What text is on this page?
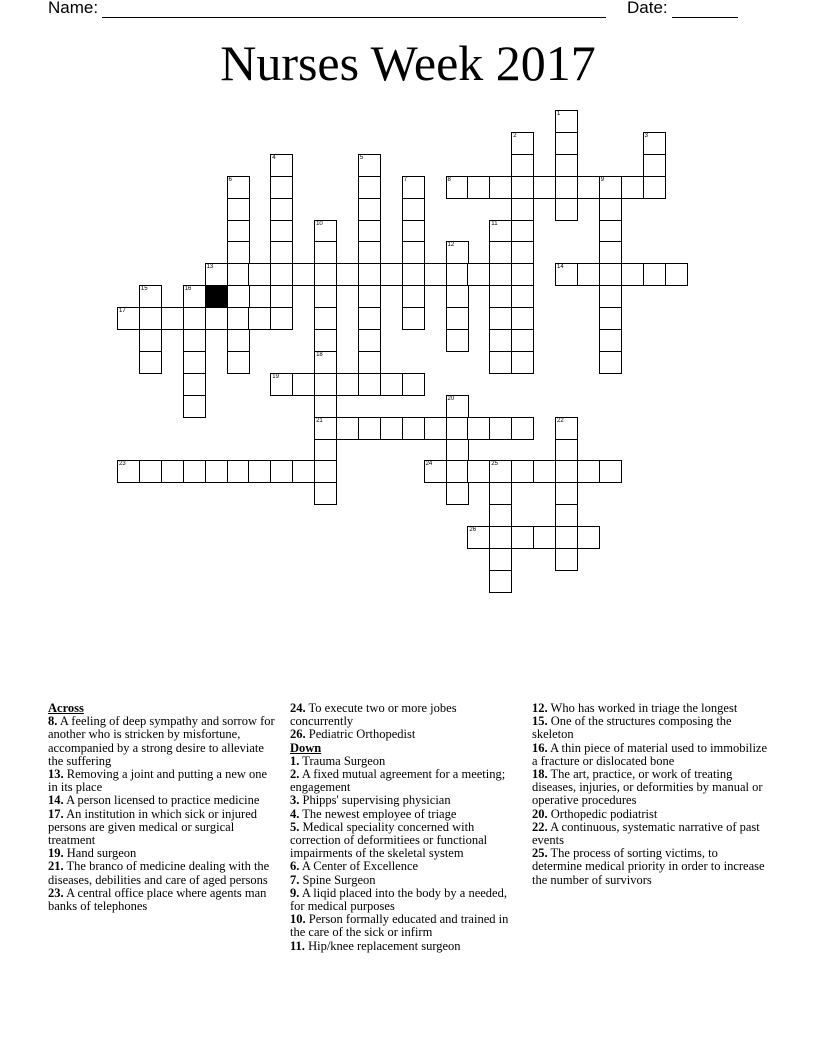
Name:	Date:
Nurses Week 2017
1
2	3
4	5
6	7	8	9
10	11
12
13	14
15	16
17
18
21
19
20
22
23	24	25
26
Across

8. A feeling of deep sympathy and sorrow for another who is stricken by misfortune, accompanied by a strong desire to alleviate the suffering

13. Removing a joint and putting a new one in its place

14. A person licensed to practice medicine

17. An institution in which sick or injured persons are given medical or surgical treatment

19. Hand surgeon

21. The branco of medicine dealing with the diseases, debilities and care of aged persons

23. A central office place where agents man banks of telephones

24. To execute two or more jobes concurrently

26. Pediatric Orthopedist

Down

1. Trauma Surgeon

2. A fixed mutual agreement for a meeting; engagement

3. Phipps' supervising physician

4. The newest employee of triage

5. Medical speciality concerned with correction of deformitiees or functional impairments of the skeletal system

6. A Center of Excellence

7. Spine Surgeon

9. A liqid placed into the body by a needed, for medical purposes

10. Person formally educated and trained in the care of the sick or infirm

11. Hip/knee replacement surgeon

12. Who has worked in triage the longest

15. One of the structures composing the skeleton

16. A thin piece of material used to immobilize a fracture or dislocated bone

18. The art, practice, or work of treating diseases, injuries, or deformities by manual or operative procedures

20. Orthopedic podiatrist

22. A continuous, systematic narrative of past events

25. The process of sorting victims, to determine medical priority in order to increase the number of survivors
